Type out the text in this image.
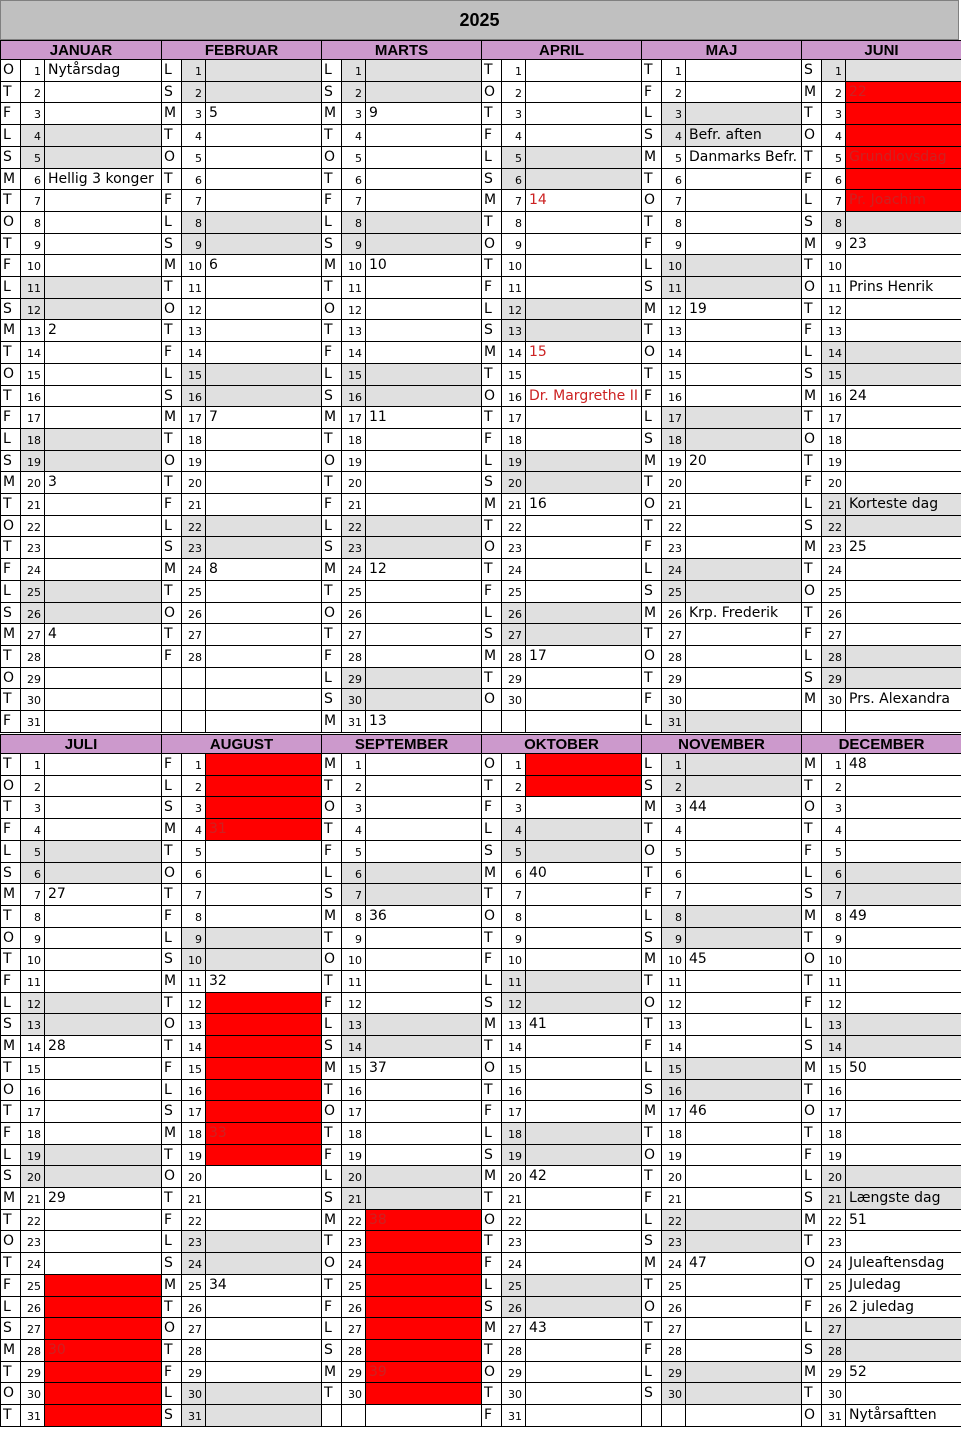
2025
JANUAR
O	1 Nytårsdag
T	2
F	3
L	4
S	5
M	6 Hellig 3 konger
T	7
O	8
T	9
F	10
L	11
S	12
M	13 2
T	14
O	15
T	16
F	17
L	18
S	19
M	20 3
T	21
O	22
T	23
F	24
L	25
S	26
M	27 4
T	28
O	29
T	30
F	31
FEBRUAR
L	1
S	2
M	3 5
T	4
O	5
T	6
F	7
L	8
S	9
M	10 6
T	11
O	12
T	13
F	14
L	15
S	16
M	17 7
T	18
O	19
T	20
F	21
L	22
S	23
M	24 8
T	25
O	26
T	27
F	28
MARTS
L	1
S	2
M	3 9
T	4
O	5
T	6
F	7
L	8
S	9
M	10 10
T	11
O	12
T	13
F	14
L	15
S	16
M	17 11
T	18
O	19
T	20
F	21
L	22
S	23
M	24 12
T	25
O	26
T	27
F	28
L	29
S	30
M	31 13
APRIL
T	1
O	2
T	3
F	4
L	5
S	6
M	7 14
T	8
O	9
T	10
F	11
L	12
S	13
M	14 15
T	15
O	16 Dr. Margrethe II
T	17
F	18
L	19
S	20
M	21 16
T	22
O	23
T	24
F	25
L	26
S	27
M	28 17
T	29
O	30
MAJ
T	1
F	2
L	3
S	4 Befr. aften
M	5 Danmarks Befr.
T	6
O	7
T	8
F	9
L	10
S	11
M	12 19
T	13
O	14
T	15
F	16
L	17
S	18
M	19 20
T	20
O	21
T	22
F	23
L	24
S	25
M	26 Krp. Frederik
T	27
O	28
T	29
F	30
L	31
JUNI
S	1
M	2 22
T	3
O	4
T	5 Grundlovsdag
F	6
L	7 Pr. Joachim
S	8
M	9 23
T	10
O	11 Prins Henrik
T	12
F	13
L	14
S	15
M	16 24
T	17
O	18
T	19
F	20
L	21 Korteste dag
S	22
M	23 25
T	24
O	25
T	26
F	27
L	28
S	29
M	30 Prs. Alexandra
JULI
T	1
O	2
T	3
F	4
L	5
S	6
M	7 27
T	8
O	9
T	10
F	11
L	12
S	13
M	14 28
T	15
O	16
T	17
F	18
L	19
S	20
M	21 29
T	22
O	23
T	24
F	25
L	26
S	27
M	28 30
T	29
O	30
T	31
AUGUST
F	1
L	2
S	3
M	4 31
T	5
O	6
T	7
F	8
L	9
S	10
M	11 32
T	12
O	13
T	14
F	15
L	16
S	17
M	18 33
T	19
O	20
T	21
F	22
L	23
S	24
M	25 34
T	26
O	27
T	28
F	29
L	30
S	31
SEPTEMBER
M	1
T	2
O	3
T	4
F	5
L	6
S	7
M	8 36
T	9
O	10
T	11
F	12
L	13
S	14
M	15 37
T	16
O	17
T	18
F	19
L	20
S	21
M	22 38
T	23
O	24
T	25
F	26
L	27
S	28
M	29 39
T	30
OKTOBER
O	1
T	2
F	3
L	4
S	5
M	6 40
T	7
O	8
T	9
F	10
L	11
S	12
M	13 41
T	14
O	15
T	16
F	17
L	18
S	19
M	20 42
T	21
O	22
T	23
F	24
L	25
S	26
M	27 43
T	28
O	29
T	30
F	31
NOVEMBER
L	1
S	2
M	3 44
T	4
O	5
T	6
F	7
L	8
S	9
M	10 45
T	11
O	12
T	13
F	14
L	15
S	16
M	17 46
T	18
O	19
T	20
F	21
L	22
S	23
M	24 47
T	25
O	26
T	27
F	28
L	29
S	30
DECEMBER
M	1 48
T	2
O	3
T	4
F	5
L	6
S	7
M	8 49
T	9
O	10
T	11
F	12
L	13
S	14
M	15 50
T	16
O	17
T	18
F	19
L	20
S	21 Længste dag
M	22 51
T	23
O	24 Juleaftensdag
T	25 Juledag
F	26 2 juledag
L	27
S	28
M	29 52
T	30
O	31 Nytårsaftten
